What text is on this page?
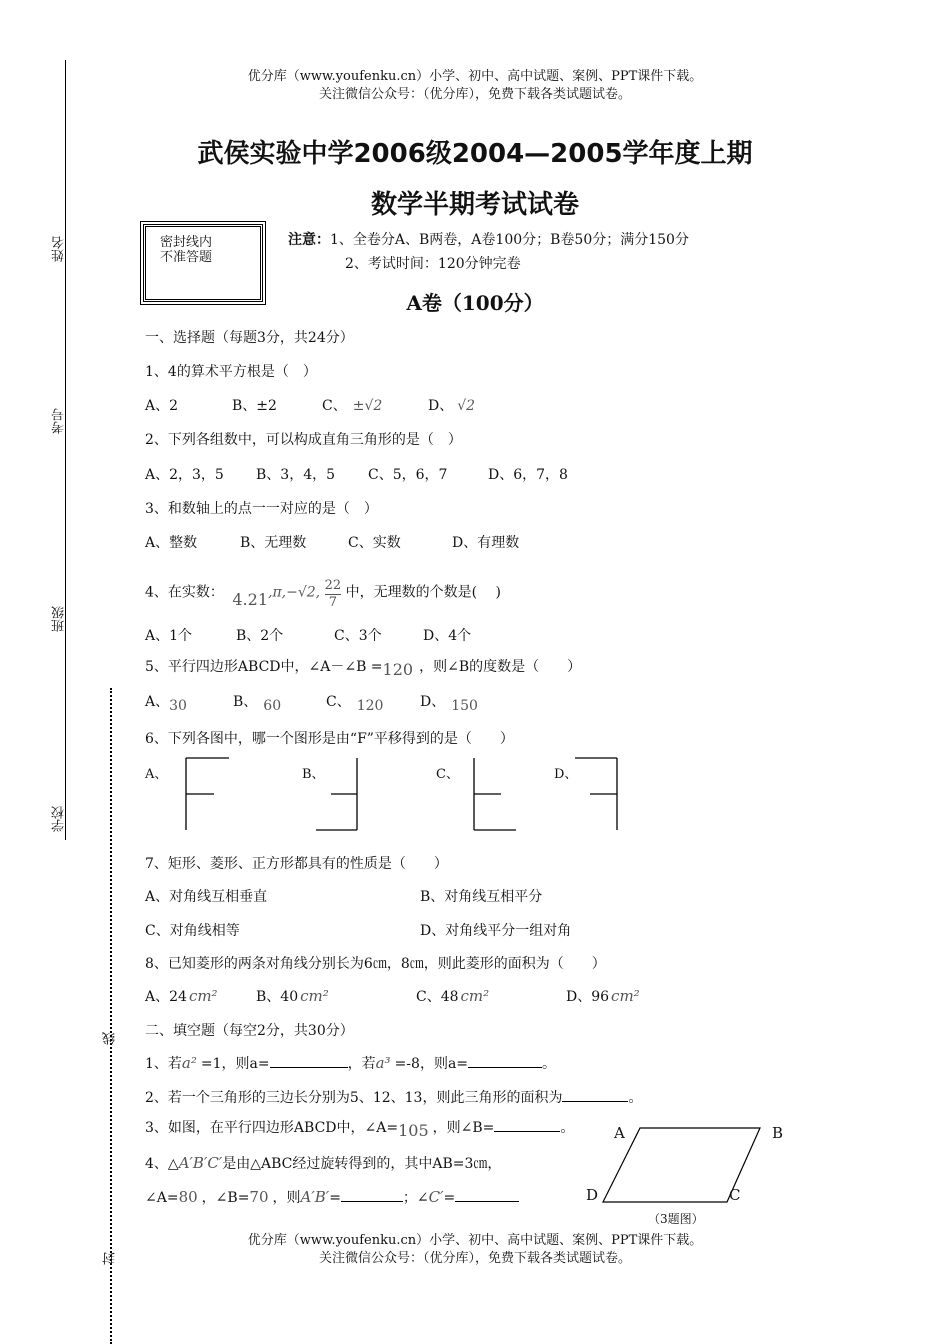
姓名
考号
班级
学校
线
封
优分库（www.youfenku.cn）小学、初中、高中试题、案例、PPT课件下载。
关注微信公众号：（优分库），免费下载各类试题试卷。
武侯实验中学2006级2004—2005学年度上期
数学半期考试试卷
密封线内
不准答题
注意：1、全卷分A、B两卷，A卷100分；B卷50分；满分150分
2、考试时间：120分钟完卷
A卷（100分）
一、选择题（每题3分，共24分）
1、4的算术平方根是（　）
A、2	B、±2	C、 ±√2	D、 √2
2、下列各组数中，可以构成直角三角形的是（　）
A、2，3，5 B、3，4，5 C、5，6，7	D、6，7，8
3、和数轴上的点一一对应的是（　）
A、整数	B、无理数	C、实数	D、有理数
4、在实数： 4.21,π,−√2, $\frac{22}{7}$ 中，无理数的个数是(　 )
A、1个	B、2个	C、3个	D、4个
5、平行四边形ABCD中，∠A－∠B =120 ，则∠B的度数是（　　）
A、30	B、 60	C、 120	D、 150
6、下列各图中，哪一个图形是由“F”平移得到的是（　　）
A、	B、	C、	D、
7、矩形、菱形、正方形都具有的性质是（　　）
A、对角线互相垂直	B、对角线互相平分
C、对角线相等	D、对角线平分一组对角
8、已知菱形的两条对角线分别长为6㎝，8㎝，则此菱形的面积为（　　）
A、24 cm²	B、40 cm²	C、48 cm²	D、96 cm²
二、填空题（每空2分，共30分）
1、若a² =1，则a=	，若a³ =-8，则a=	。
2、若一个三角形的三边长分别为5、12、13，则此三角形的面积为	。
3、如图，在平行四边形ABCD中，∠A=105 ，则∠B=	。
4、△A′B′C′是由△ABC经过旋转得到的，其中AB=3㎝，
∠A=80 ，∠B=70 ，则A′B′=	；∠C′=
A	B
D	C
（3题图）
优分库（www.youfenku.cn）小学、初中、高中试题、案例、PPT课件下载。
关注微信公众号：（优分库），免费下载各类试题试卷。
